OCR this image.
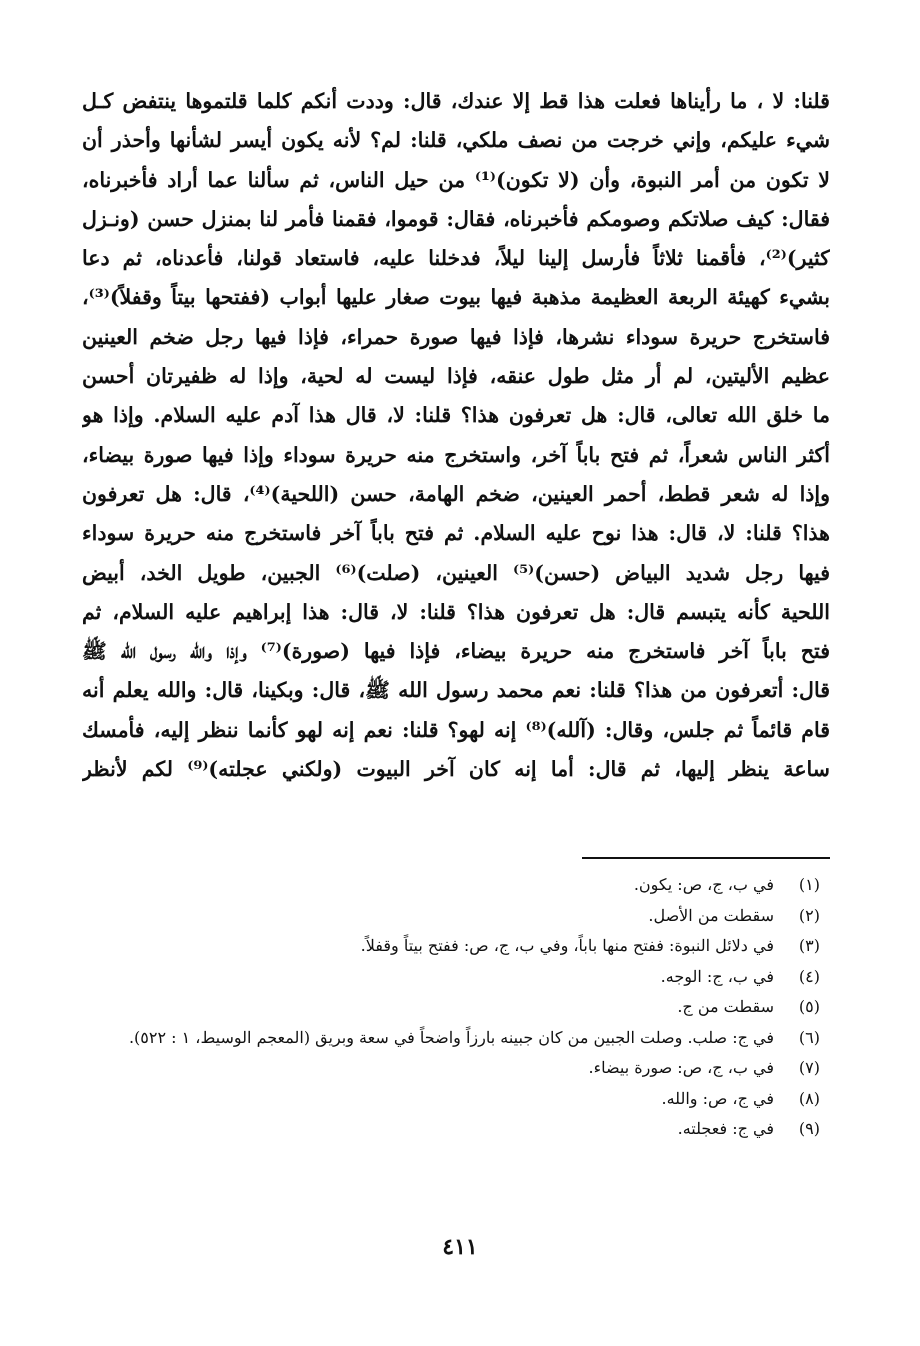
قلنا: لا ، ما رأيناها فعلت هذا قط إلا عندك، قال: وددت أنكم كلما قلتموها ينتفض كـل
شيء عليكم، وإني خرجت من نصف ملكي، قلنا: لم؟ لأنه يكون أيسر لشأنها وأحذر أن
لا تكون من أمر النبوة، وأن (لا تكون)⁽¹⁾ من حيل الناس، ثم سألنا عما أراد فأخبرناه،
فقال: كيف صلاتكم وصومكم فأخبرناه، فقال: قوموا، فقمنا فأمر لنا بمنزل حسن (ونـزل
كثير)⁽²⁾، فأقمنا ثلاثاً فأرسل إلينا ليلاً، فدخلنا عليه، فاستعاد قولنا، فأعدناه، ثم دعا
بشيء كهيئة الربعة العظيمة مذهبة فيها بيوت صغار عليها أبواب (ففتحها بيتاً وقفلاً)⁽³⁾،
فاستخرج حريرة سوداء نشرها، فإذا فيها صورة حمراء، فإذا فيها رجل ضخم العينين
عظيم الأليتين، لم أر مثل طول عنقه، فإذا ليست له لحية، وإذا له ظفيرتان أحسن
ما خلق الله تعالى، قال: هل تعرفون هذا؟ قلنا: لا، قال هذا آدم عليه السلام. وإذا هو
أكثر الناس شعراً، ثم فتح باباً آخر، واستخرج منه حريرة سوداء وإذا فيها صورة بيضاء،
وإذا له شعر قطط، أحمر العينين، ضخم الهامة، حسن (اللحية)⁽⁴⁾، قال: هل تعرفون
هذا؟ قلنا: لا، قال: هذا نوح عليه السلام. ثم فتح باباً آخر فاستخرج منه حريرة سوداء
فيها رجل شديد البياض (حسن)⁽⁵⁾ العينين، (صلت)⁽⁶⁾ الجبين، طويل الخد، أبيض
اللحية كأنه يتبسم قال: هل تعرفون هذا؟ قلنا: لا، قال: هذا إبراهيم عليه السلام، ثم
فتح باباً آخر فاستخرج منه حريرة بيضاء، فإذا فيها (صورة)⁽⁷⁾ وإذا والله رسول الله ﷺ
قال: أتعرفون من هذا؟ قلنا: نعم محمد رسول الله ﷺ، قال: وبكينا، قال: والله يعلم أنه
قام قائماً ثم جلس، وقال: (آلله)⁽⁸⁾ إنه لهو؟ قلنا: نعم إنه لهو كأنما ننظر إليه، فأمسك
ساعة ينظر إليها، ثم قال: أما إنه كان آخر البيوت (ولكني عجلته)⁽⁹⁾ لكم لأنظر
(١)
في ب، ج، ص: يكون.
(٢)
سقطت من الأصل.
(٣)
في دلائل النبوة: ففتح منها باباً، وفي ب، ج، ص: ففتح بيتاً وقفلاً.
(٤)
في ب، ج: الوجه.
(٥)
سقطت من ج.
(٦)
في ج: صلب. وصلت الجبين من كان جبينه بارزاً واضحاً في سعة وبريق (المعجم الوسيط، ١ : ٥٢٢).
(٧)
في ب، ج، ص: صورة بيضاء.
(٨)
في ج، ص: والله.
(٩)
في ج: فعجلته.
٤١١
